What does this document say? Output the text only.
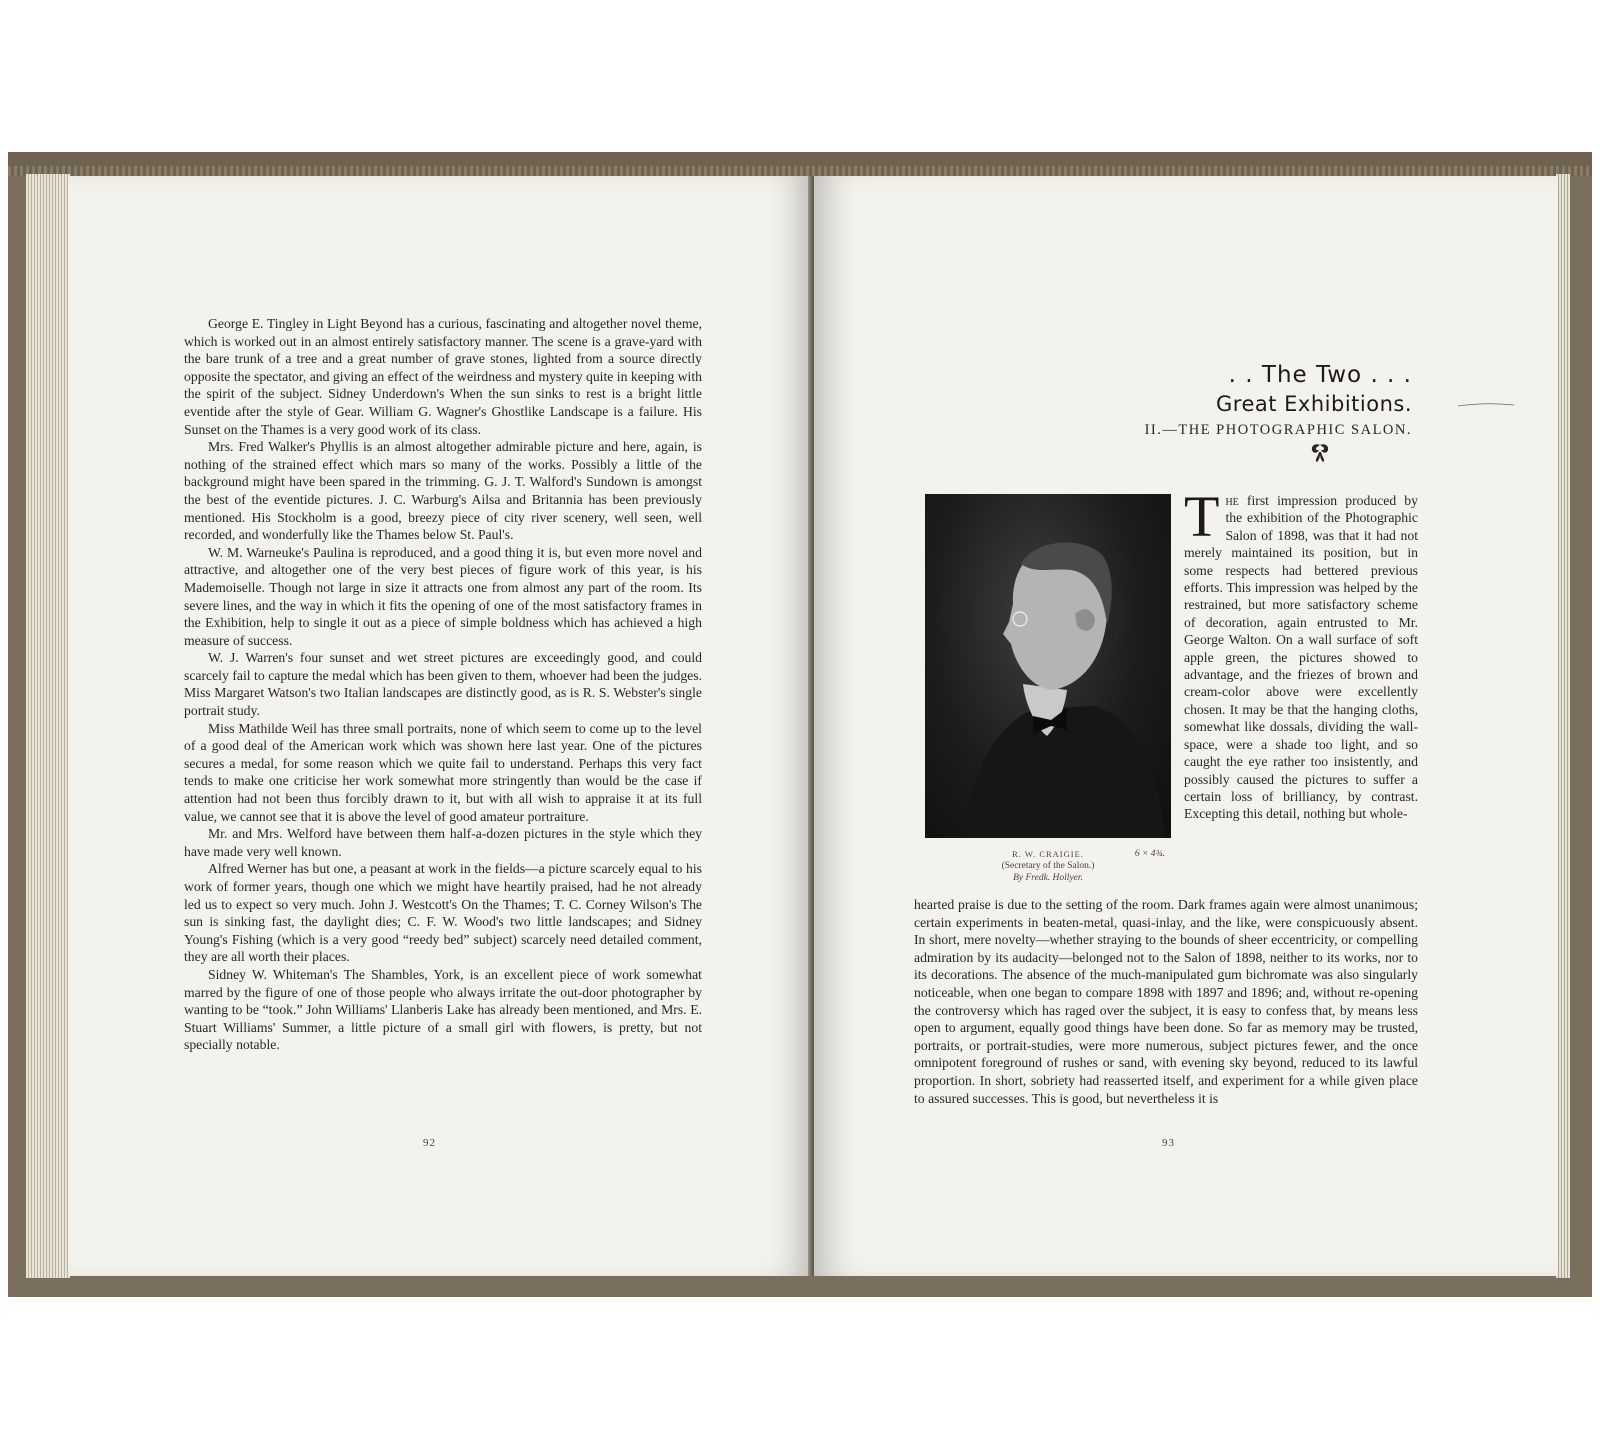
George E. Tingley in Light Beyond has a curious, fascinating and altogether novel theme, which is worked out in an almost entirely satisfactory manner. The scene is a grave-yard with the bare trunk of a tree and a great number of grave stones, lighted from a source directly opposite the spectator, and giving an effect of the weirdness and mystery quite in keeping with the spirit of the subject. Sidney Underdown's When the sun sinks to rest is a bright little eventide after the style of Gear. William G. Wagner's Ghostlike Landscape is a failure. His Sunset on the Thames is a very good work of its class.

Mrs. Fred Walker's Phyllis is an almost altogether admirable picture and here, again, is nothing of the strained effect which mars so many of the works. Possibly a little of the background might have been spared in the trimming. G. J. T. Walford's Sundown is amongst the best of the eventide pictures. J. C. Warburg's Ailsa and Britannia has been previously mentioned. His Stockholm is a good, breezy piece of city river scenery, well seen, well recorded, and wonderfully like the Thames below St. Paul's.

W. M. Warneuke's Paulina is reproduced, and a good thing it is, but even more novel and attractive, and altogether one of the very best pieces of figure work of this year, is his Mademoiselle. Though not large in size it attracts one from almost any part of the room. Its severe lines, and the way in which it fits the opening of one of the most satisfactory frames in the Exhibition, help to single it out as a piece of simple boldness which has achieved a high measure of success.

W. J. Warren's four sunset and wet street pictures are exceedingly good, and could scarcely fail to capture the medal which has been given to them, whoever had been the judges. Miss Margaret Watson's two Italian landscapes are distinctly good, as is R. S. Webster's single portrait study.

Miss Mathilde Weil has three small portraits, none of which seem to come up to the level of a good deal of the American work which was shown here last year. One of the pictures secures a medal, for some reason which we quite fail to understand. Perhaps this very fact tends to make one criticise her work somewhat more stringently than would be the case if attention had not been thus forcibly drawn to it, but with all wish to appraise it at its full value, we cannot see that it is above the level of good amateur portraiture.

Mr. and Mrs. Welford have between them half-a-dozen pictures in the style which they have made very well known.

Alfred Werner has but one, a peasant at work in the fields—a picture scarcely equal to his work of former years, though one which we might have heartily praised, had he not already led us to expect so very much. John J. Westcott's On the Thames; T. C. Corney Wilson's The sun is sinking fast, the daylight dies; C. F. W. Wood's two little landscapes; and Sidney Young's Fishing (which is a very good “reedy bed” subject) scarcely need detailed comment, they are all worth their places.

Sidney W. Whiteman's The Shambles, York, is an excellent piece of work somewhat marred by the figure of one of those people who always irritate the out-door photographer by wanting to be “took.” John Williams' Llanberis Lake has already been mentioned, and Mrs. E. Stuart Williams' Summer, a little picture of a small girl with flowers, is pretty, but not specially notable.

92
. . The Two . . .
Great Exhibitions.
II.—THE PHOTOGRAPHIC SALON.
R. W. CRAIGIE.
(Secretary of the Salon.)
By Fredk. Hollyer.
6 × 4¾.

The first impression produced by the exhibition of the Photographic Salon of 1898, was that it had not merely maintained its position, but in some respects had bettered previous efforts. This impression was helped by the restrained, but more satisfactory scheme of decoration, again entrusted to Mr. George Walton. On a wall surface of soft apple green, the pictures showed to advantage, and the friezes of brown and cream-color above were excellently chosen. It may be that the hanging cloths, somewhat like dossals, dividing the wall-space, were a shade too light, and so caught the eye rather too insistently, and possibly caused the pictures to suffer a certain loss of brilliancy, by contrast. Excepting this detail, nothing but whole-

hearted praise is due to the setting of the room. Dark frames again were almost unanimous; certain experiments in beaten-metal, quasi-inlay, and the like, were conspicuously absent. In short, mere novelty—whether straying to the bounds of sheer eccentricity, or compelling admiration by its audacity—belonged not to the Salon of 1898, neither to its works, nor to its decorations. The absence of the much-manipulated gum bichromate was also singularly noticeable, when one began to compare 1898 with 1897 and 1896; and, without re-opening the controversy which has raged over the subject, it is easy to confess that, by means less open to argument, equally good things have been done. So far as memory may be trusted, portraits, or portrait-studies, were more numerous, subject pictures fewer, and the once omnipotent foreground of rushes or sand, with evening sky beyond, reduced to its lawful proportion. In short, sobriety had reasserted itself, and experiment for a while given place to assured successes. This is good, but nevertheless it is

93
